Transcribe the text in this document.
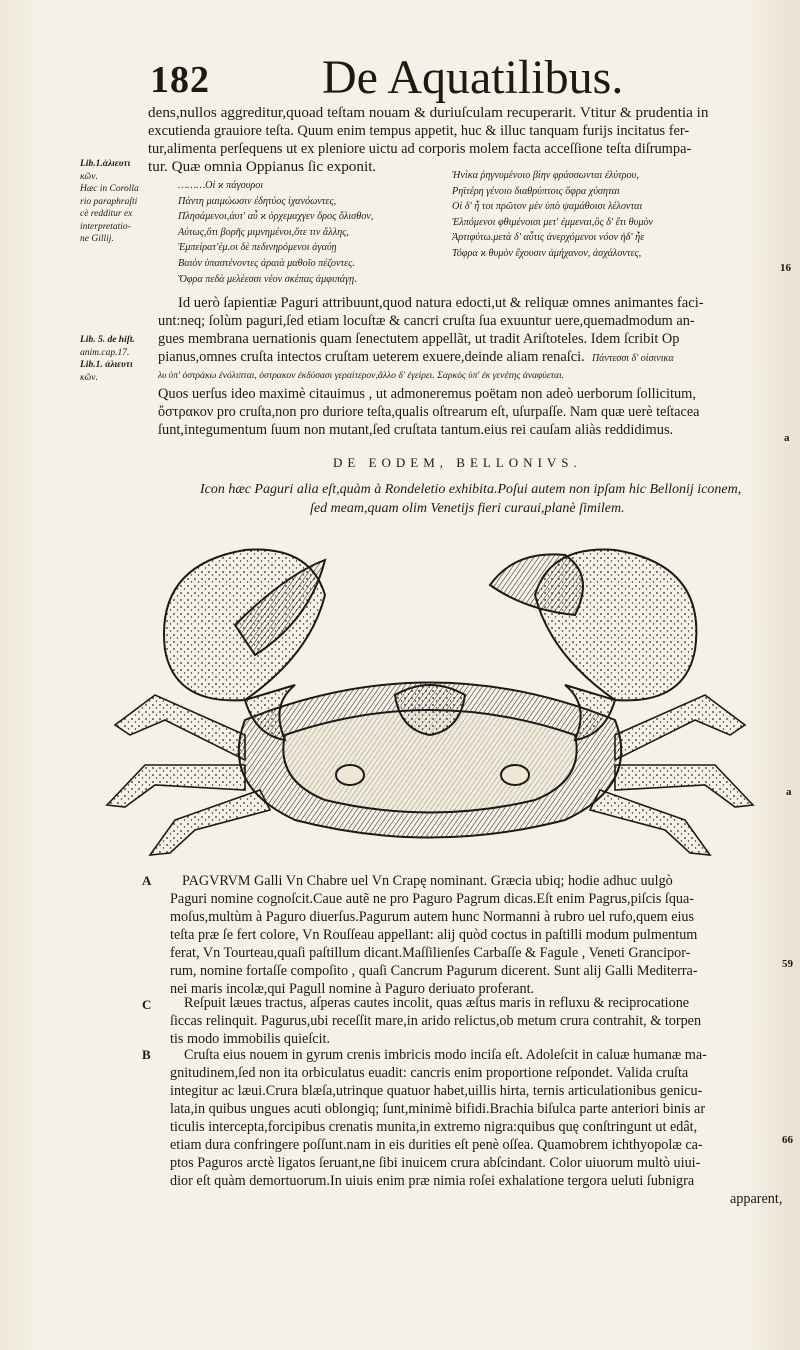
182 De Aquatilibus.
dens,nullos aggreditur,quoad teſtam nouam & duriuſculam recuperarit. Vtitur & prudentia in
excutienda grauiore teſta. Quum enim tempus appetit, huc & illuc tanquam furijs incitatus fer-
tur,alimenta perſequens ut ex pleniore uictu ad corporis molem facta acceſſione teſta diſrumpa-
tur. Quæ omnia Oppianus ſic exponit.
Lib.1.ἁλιευτι
κῶν.
Hæc in Corolla
rio paraphraſti
cè redditur ex
interpretatio-
ne Gillij.
………Οἱ ϰ πάγουροι
Πάντη μαιμώωσιν ἐδητύος ἰχανόωντες,
Πλησάμενοι,ἀυτ' αὖ ϰ ὀρχεμαχγεν ὅρος ὄλισθον,
Αὐτως,ὅτι βορῆς μιμνημένοι,ὅτε τιν ἄλλης,
Ἐμπείρατ'ἐμ.οι δὲ πεδινηρόμενοι ἀγαύῃ
Βαιὸν ὑπαστένοντες ἀραιὰ μαθοῖο πέζοντες.
Ὄφρα πεδὰ μελέεσσι νέον σκέπας ἀμφιπάγῃ.
Ἡνίκα ῥηγνυμένοιο βίην φράσσωνται ἐλύτρου,
Ρηϊτέρη γένοιο διαθρύπτοις ὄφρα χύσηται
Οἱ δ' ἦ τοι πρῶτον μὲν ὑπὸ ψαμάθοισι λέλονται
Ἐλπόμενοι φθιμένοισι μετ' ἐμμεναι,ὃς δ' ἔτι θυμὸν
Ἀρτιφύτω.μετὰ δ' αὖτις ἀνερχόμενοι νόον ἠδ' ἦε
Τόφρα ϰ θυμὸν ἔχουσιν ἀμήχανον, ἀσχάλοντες,
Id uerò ſapientiæ Paguri attribuunt,quod natura edocti,ut & reliquæ omnes animantes faci-
unt:neq; ſolùm paguri,ſed etiam locuſtæ & cancri cruſta ſua exuuntur uere,quemadmodum an-
gues membrana uernationis quam ſenectutem appellãt, ut tradit Ariſtoteles. Idem ſcribit Op
pianus,omnes cruſta intectos cruſtam ueterem exuere,deinde aliam renaſci. Πάντεσσι δ' οἰσινικα
λυ ὑπ' ὀστράκω ἐνόλιπται, ὀστρακον ἐκδύσασι γεραίτερον,ἄλλο δ' ἐγείρει. Σαρκὸς ὑπ' ἐκ γενέτης ἀναφύεται.
Quos uerſus ideo maximè citauimus , ut admoneremus poëtam non adeò uerborum ſollicitum,
ὄστρακον pro cruſta,non pro duriore teſta,qualis oſtrearum eſt, uſurpaſſe. Nam quæ uerè teſtacea
ſunt,integumentum ſuum non mutant,ſed cruſtata tantum.eius rei cauſam aliàs reddidimus.
Lib. 5. de hiſt.
anim.cap.17.
Lib.1. ἁλιευτι
κῶν.
DE EODEM, BELLONIVS.
Icon hæc Paguri alia eſt,quàm à Rondeletio exhibita.Poſui autem non ipſam hic Bellonij iconem,
ſed meam,quam olim Venetijs fieri curaui,planè ſimilem.
A	PAGVRVM Galli Vn Chabre uel Vn Crapę nominant. Græcia ubiq; hodie adhuc uulgò
Paguri nomine cognoſcit.Caue autẽ ne pro Paguro Pagrum dicas.Eſt enim Pagrus,piſcis ſqua-
moſus,multùm à Paguro diuerſus.Pagurum autem hunc Normanni à rubro uel rufo,quem eius
teſta præ ſe fert colore, Vn Rouſſeau appellant: alij quòd coctus in paſtilli modum pulmentum
ferat, Vn Tourteau,quaſi paſtillum dicant.Maſſilienſes Carbaſſe & Fagule , Veneti Grancipor-
rum, nomine fortaſſe compoſito , quaſi Cancrum Pagurum dicerent. Sunt alij Galli Mediterra-
nei maris incolæ,qui Pagull nomine à Paguro deriuato proferant.
C	Reſpuit læues tractus, aſperas cautes incolit, quas æſtus maris in refluxu & reciprocatione
ſiccas relinquit. Pagurus,ubi receſſit mare,in arido relictus,ob metum crura contrahit, & torpen
tis modo immobilis quieſcit.
B	Cruſta eius nouem in gyrum crenis imbricis modo inciſa eſt. Adoleſcit in caluæ humanæ ma-
gnitudinem,ſed non ita orbiculatus euadit: cancris enim proportione reſpondet. Valida cruſta
integitur ac læui.Crura blæſa,utrinque quatuor habet,uillis hirta, ternis articulationibus genicu-
lata,in quibus ungues acuti oblongiq; ſunt,minimè bifidi.Brachia biſulca parte anteriori binis ar
ticulis intercepta,forcipibus crenatis munita,in extremo nigra:quibus quę conſtringunt ut edât,
etiam dura confringere poſſunt.nam in eis durities eſt penè oſſea. Quamobrem ichthyopolæ ca-
ptos Paguros arctè ligatos ſeruant,ne ſibi inuicem crura abſcindant. Color uiuorum multò uiui-
dior eſt quàm demortuorum.In uiuis enim præ nimia roſei exhalatione tergora ueluti ſubnigra
apparent,
16
a
a
59
66
